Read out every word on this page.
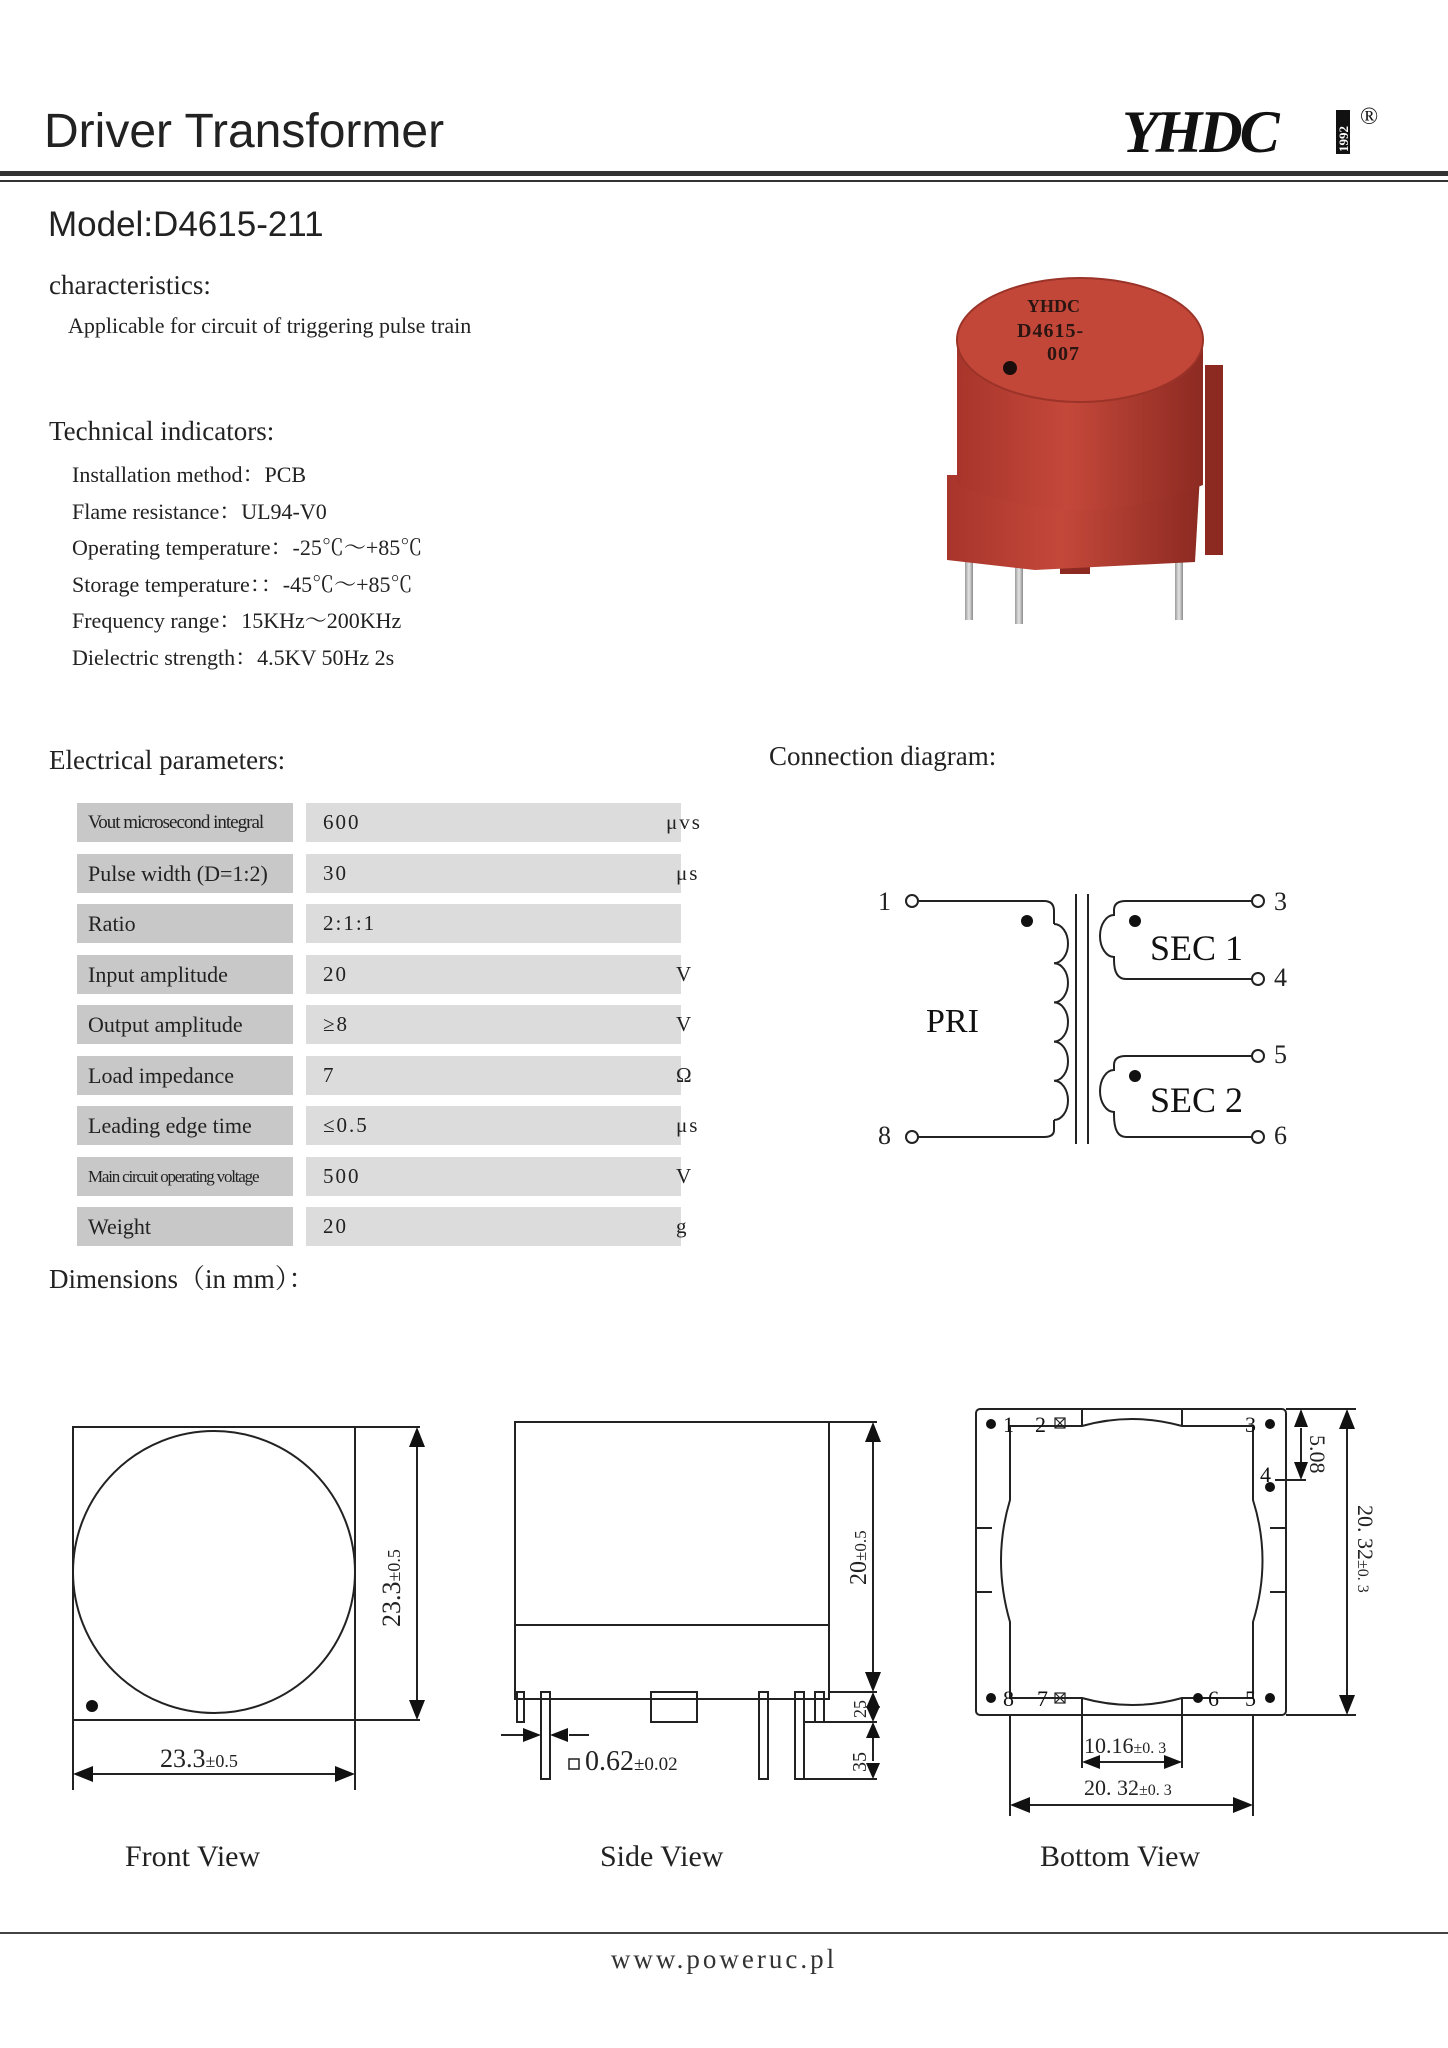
Driver Transformer	YHDC	1992
®
Model:D4615-211
characteristics:
Applicable for circuit of triggering pulse train
Technical indicators:
Installation method：PCB
Flame resistance：UL94-V0
Operating temperature：-25℃～+85℃
Storage temperature：：-45℃～+85℃
Frequency range：15KHz～200KHz
Dielectric strength：4.5KV 50Hz 2s
YHDC
D4615-
007
Electrical parameters:
Vout microsecond integral	600	μvs
Pulse width (D=1:2)	30	μs
Ratio	2:1:1
Input amplitude	20	V
Output amplitude	≥8	V
Load impedance	7	Ω
Leading edge time	≤0.5	μs
Main circuit operating voltage	500	V
Weight	20	g
Connection diagram:
1
8
3
4
5
6
PRI
SEC 1
SEC 2
Dimensions（in mm）：
23.3±0.5
23.3±0.5
Front View
20±0.5
25
35
0.62±0.02
Side View
1 2	3
4
8 7	6 5
5.08
20. 32±0. 3
10.16±0. 3
20. 32±0. 3
Bottom View
www.poweruc.pl
